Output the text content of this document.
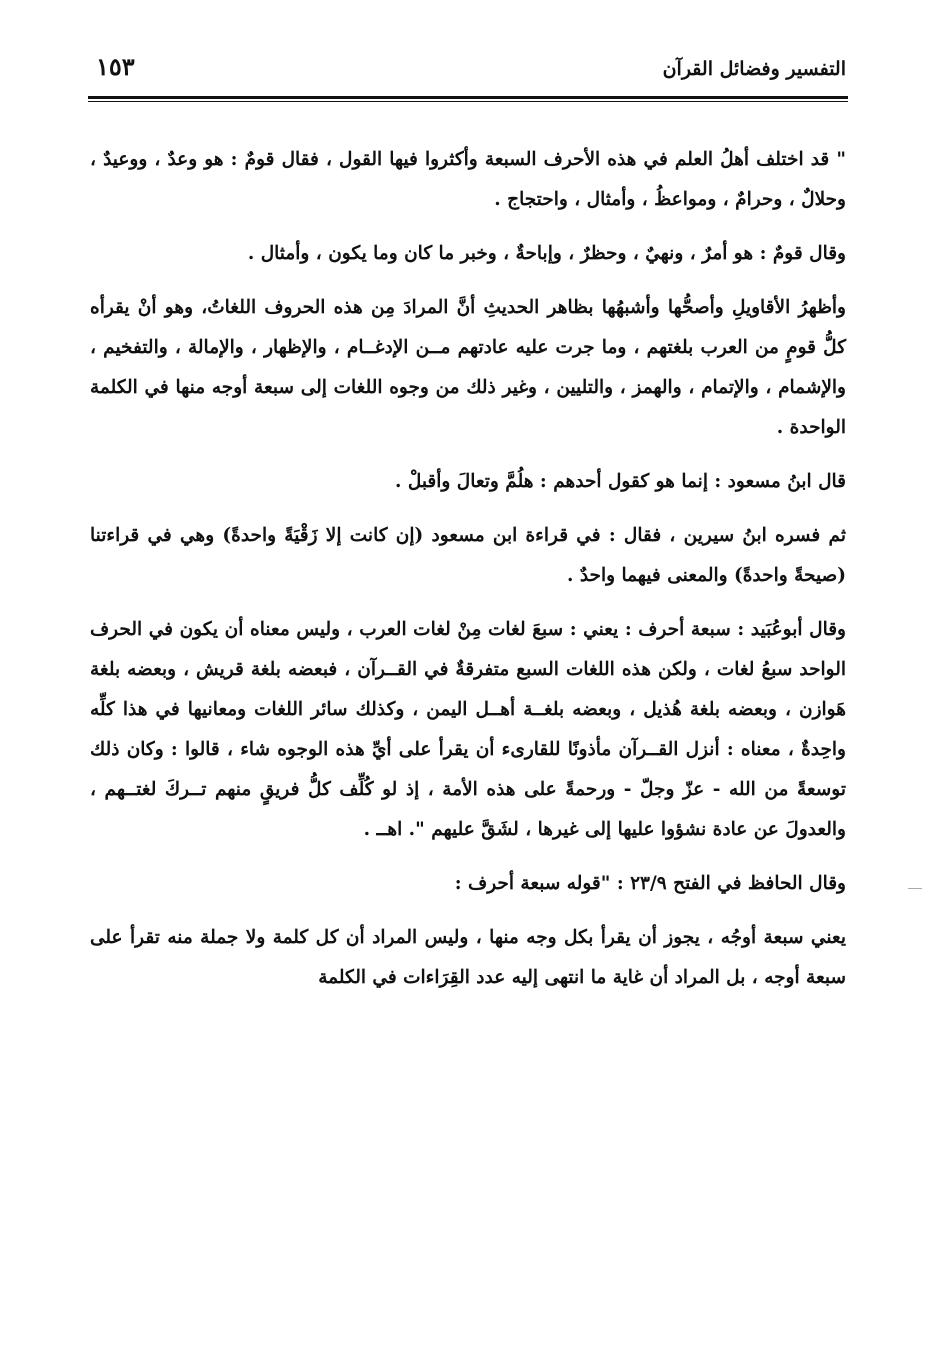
التفسير وفضائل القرآن
١٥٣

" قد اختلف أهلُ العلم في هذه الأحرف السبعة وأكثروا فيها القول ، فقال قومٌ : هو وعدٌ ، ووعيدٌ ، وحلالٌ ، وحرامٌ ، ومواعظُ ، وأمثال ، واحتجاج .

وقال قومٌ : هو أمرٌ ، ونهيٌ ، وحظرٌ ، وإباحةٌ ، وخبر ما كان وما يكون ، وأمثال .

وأظهرُ الأقاويلِ وأصحُّها وأشبهُها بظاهر الحديثِ أنَّ المرادَ مِن هذه الحروف اللغاتُ، وهو أنْ يقرأه كلُّ قومٍ من العرب بلغتهم ، وما جرت عليه عادتهم مــن الإدغــام ، والإظهار ، والإمالة ، والتفخيم ، والإشمام ، والإتمام ، والهمز ، والتليين ، وغير ذلك من وجوه اللغات إلى سبعة أوجه منها في الكلمة الواحدة .

قال ابنُ مسعود : إنما هو كقول أحدهم : هلُمَّ وتعالَ وأقبلْ .

ثم فسره ابنُ سيرين ، فقال : في قراءة ابن مسعود (إن كانت إلا زَقْيَةً واحدةً) وهي في قراءتنا (صيحةً واحدةً) والمعنى فيهما واحدٌ .

وقال أبوعُبَيد : سبعة أحرف : يعني : سبعَ لغات مِنْ لغات العرب ، وليس معناه أن يكون في الحرف الواحد سبعُ لغات ، ولكن هذه اللغات السبع متفرقةٌ في القــرآن ، فبعضه بلغة قريش ، وبعضه بلغة هَوازن ، وبعضه بلغة هُذيل ، وبعضه بلغــة أهــل اليمن ، وكذلك سائر اللغات ومعانيها في هذا كلِّه واحِدةٌ ، معناه : أنزل القــرآن مأذونًا للقارىء أن يقرأ على أيِّ هذه الوجوه شاء ، قالوا : وكان ذلك توسعةً من الله - عزّ وجلّ - ورحمةً على هذه الأمة ، إذ لو كُلِّف كلُّ فريقٍ منهم تــركَ لغتــهم ، والعدولَ عن عادة نشؤوا عليها إلى غيرها ، لشَقَّ عليهم ". اهــ .

وقال الحافظ في الفتح ٢٣/٩ : "قوله سبعة أحرف :

يعني سبعة أوجُه ، يجوز أن يقرأ بكل وجه منها ، وليس المراد أن كل كلمة ولا جملة منه تقرأ على سبعة أوجه ، بل المراد أن غاية ما انتهى إليه عدد القِرَاءات في الكلمة
